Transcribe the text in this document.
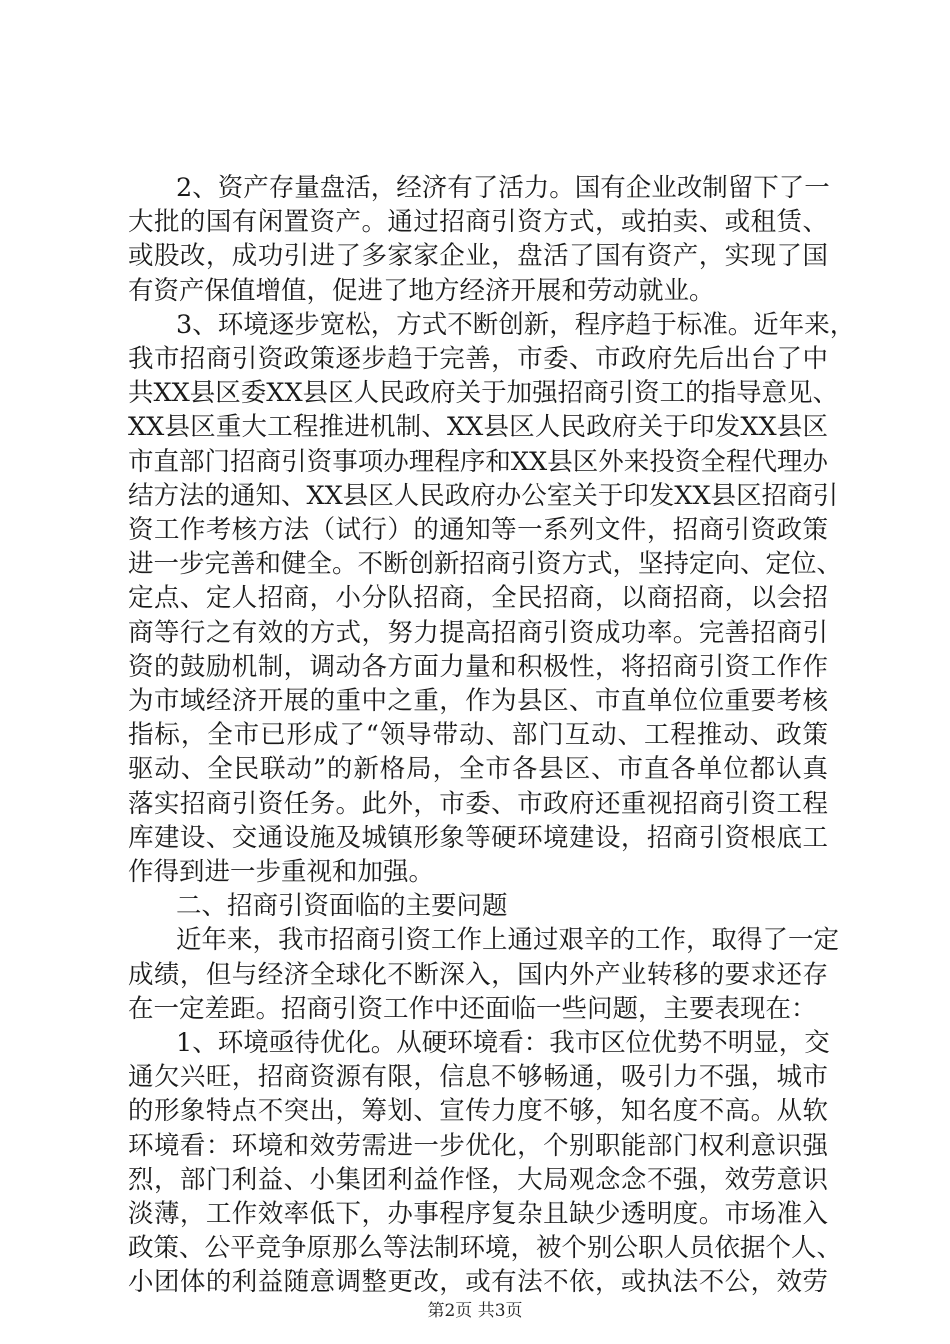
2、资产存量盘活，经济有了活力。国有企业改制留下了一
大批的国有闲置资产。通过招商引资方式，或拍卖、或租赁、
或股改，成功引进了多家家企业，盘活了国有资产，实现了国
有资产保值增值，促进了地方经济开展和劳动就业。
3、环境逐步宽松，方式不断创新，程序趋于标准。近年来，
我市招商引资政策逐步趋于完善，市委、市政府先后出台了中
共XX县区委XX县区人民政府关于加强招商引资工的指导意见、
XX县区重大工程推进机制、XX县区人民政府关于印发XX县区
市直部门招商引资事项办理程序和XX县区外来投资全程代理办
结方法的通知、XX县区人民政府办公室关于印发XX县区招商引
资工作考核方法（试行）的通知等一系列文件，招商引资政策
进一步完善和健全。不断创新招商引资方式，坚持定向、定位、
定点、定人招商，小分队招商，全民招商，以商招商，以会招
商等行之有效的方式，努力提高招商引资成功率。完善招商引
资的鼓励机制，调动各方面力量和积极性，将招商引资工作作
为市域经济开展的重中之重，作为县区、市直单位位重要考核
指标，全市已形成了“领导带动、部门互动、工程推动、政策
驱动、全民联动”的新格局，全市各县区、市直各单位都认真
落实招商引资任务。此外，市委、市政府还重视招商引资工程
库建设、交通设施及城镇形象等硬环境建设，招商引资根底工
作得到进一步重视和加强。
二、招商引资面临的主要问题
近年来，我市招商引资工作上通过艰辛的工作，取得了一定
成绩，但与经济全球化不断深入，国内外产业转移的要求还存
在一定差距。招商引资工作中还面临一些问题，主要表现在：
1、环境亟待优化。从硬环境看：我市区位优势不明显，交
通欠兴旺，招商资源有限，信息不够畅通，吸引力不强，城市
的形象特点不突出，筹划、宣传力度不够，知名度不高。从软
环境看：环境和效劳需进一步优化，个别职能部门权利意识强
烈，部门利益、小集团利益作怪，大局观念念不强，效劳意识
淡薄，工作效率低下，办事程序复杂且缺少透明度。市场准入
政策、公平竞争原那么等法制环境，被个别公职人员依据个人、
小团体的利益随意调整更改，或有法不依，或执法不公，效劳
第2页 共3页
